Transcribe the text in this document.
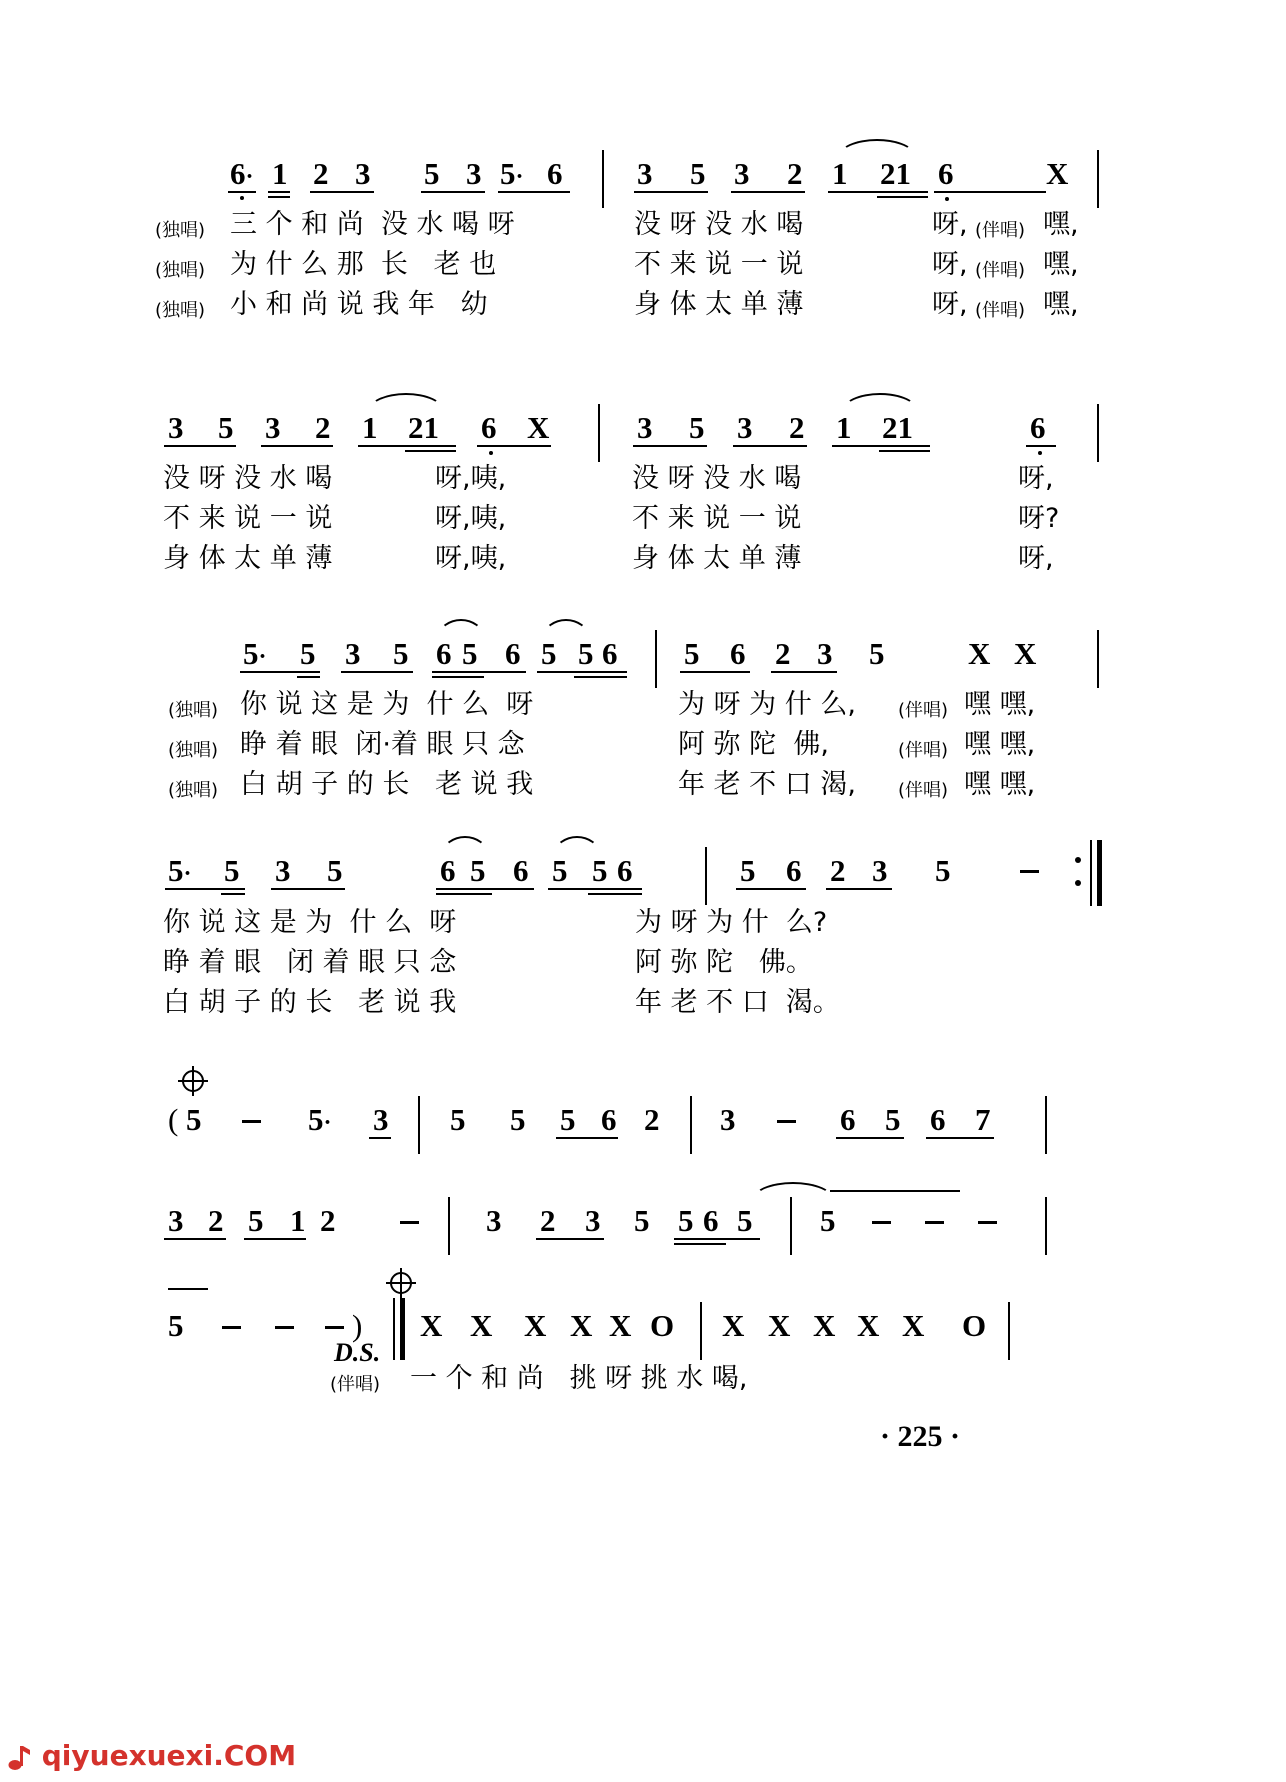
6· 1 2 3 5 3 5· 6 3 5 3 2 1 21 6	X
(独唱) 三 个 和 尚  没 水 喝 呀	没 呀 没 水 喝	呀, (伴唱) 嘿,
(独唱) 为 什 么 那  长   老 也	不 来 说 一 说	呀, (伴唱) 嘿,
(独唱) 小 和 尚 说 我 年   幼	身 体 太 单 薄	呀, (伴唱) 嘿,
3 5 3 2 1 21 6 X	3 5 3 2 1 21	6
没 呀 没 水 喝	呀,咦,	没 呀 没 水 喝	呀,
不 来 说 一 说	呀,咦,	不 来 说 一 说	呀?
身 体 太 单 薄	呀,咦,	身 体 太 单 薄	呀,
5· 5 3 5 6 5 6 5 5 6 5 6 2 3 5	X X
(独唱) 你 说 这 是 为  什 么  呀	为 呀 为 什 么, (伴唱) 嘿 嘿,
(独唱) 睁 着 眼  闭·着 眼 只 念	阿 弥 陀  佛,	(伴唱) 嘿 嘿,
(独唱) 白 胡 子 的 长   老 说 我	年 老 不 口 渴, (伴唱) 嘿 嘿,
5· 5 3 5	6 5 6 5 5 6	5 6 2 3 5
你 说 这 是 为  什 么  呀	为 呀 为 什  么?
睁 着 眼   闭 着 眼 只 念	阿 弥 陀   佛。
白 胡 子 的 长   老 说 我	年 老 不 口  渴。
( 5	5· 3 5 5 5 6 2 3	6 5 6 7
3 2 5 1 2	3 2 3 5 5 6 5 5
5	)
D.S.
X X X X X O X X X X X O
(伴唱) 一 个 和 尚   挑 呀 挑 水 喝,
· 225 ·
qiyuexuexi.COM
